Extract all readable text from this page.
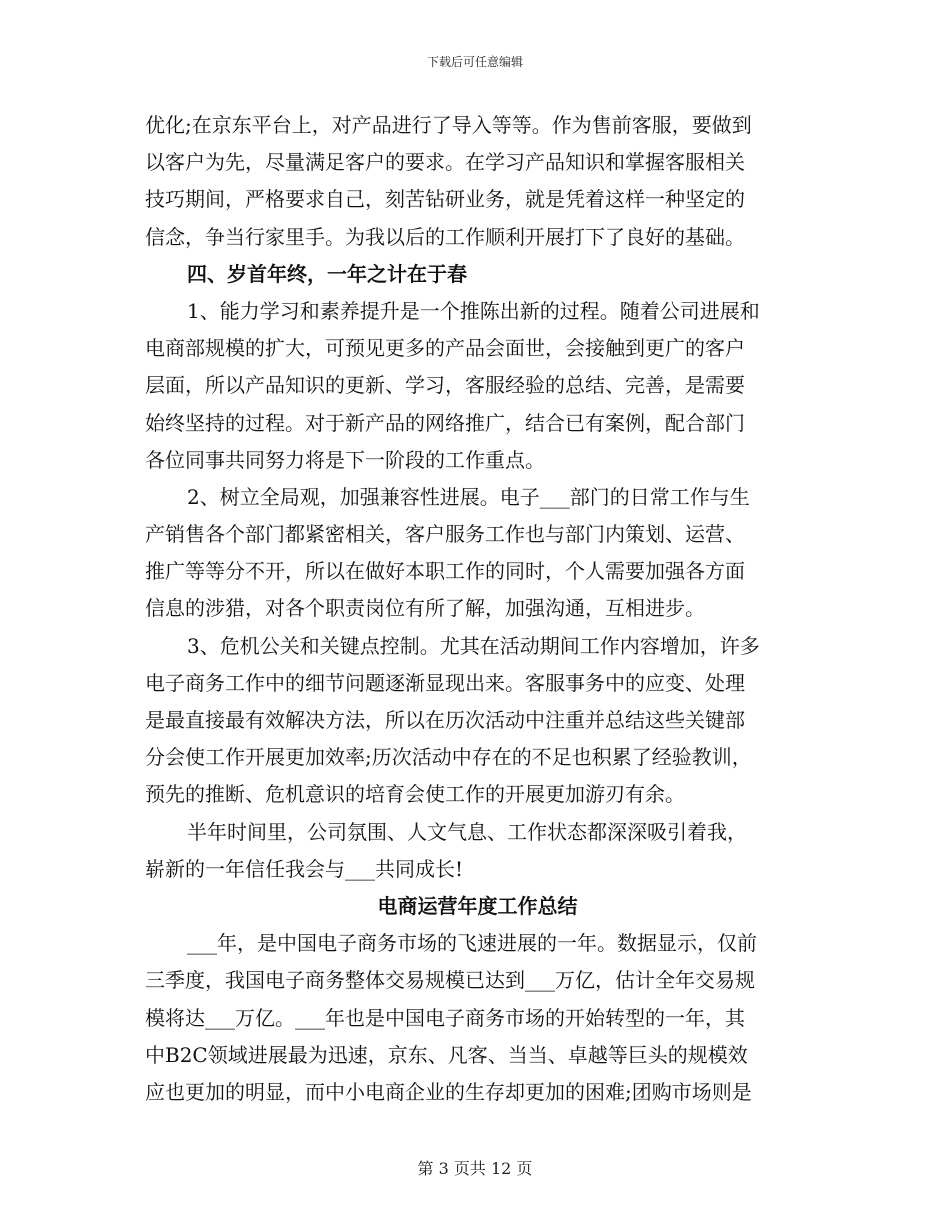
下载后可任意编辑
优化;在京东平台上，对产品进行了导入等等。作为售前客服，要做到
以客户为先，尽量满足客户的要求。在学习产品知识和掌握客服相关
技巧期间，严格要求自己，刻苦钻研业务，就是凭着这样一种坚定的
信念，争当行家里手。为我以后的工作顺利开展打下了良好的基础。
四、岁首年终，一年之计在于春
1、能力学习和素养提升是一个推陈出新的过程。随着公司进展和
电商部规模的扩大，可预见更多的产品会面世，会接触到更广的客户
层面，所以产品知识的更新、学习，客服经验的总结、完善，是需要
始终坚持的过程。对于新产品的网络推广，结合已有案例，配合部门
各位同事共同努力将是下一阶段的工作重点。
2、树立全局观，加强兼容性进展。电子___部门的日常工作与生
产销售各个部门都紧密相关，客户服务工作也与部门内策划、运营、
推广等等分不开，所以在做好本职工作的同时，个人需要加强各方面
信息的涉猎，对各个职责岗位有所了解，加强沟通，互相进步。
3、危机公关和关键点控制。尤其在活动期间工作内容增加，许多
电子商务工作中的细节问题逐渐显现出来。客服事务中的应变、处理
是最直接最有效解决方法，所以在历次活动中注重并总结这些关键部
分会使工作开展更加效率;历次活动中存在的不足也积累了经验教训，
预先的推断、危机意识的培育会使工作的开展更加游刃有余。
半年时间里，公司氛围、人文气息、工作状态都深深吸引着我，
崭新的一年信任我会与___共同成长!
电商运营年度工作总结
___年，是中国电子商务市场的飞速进展的一年。数据显示，仅前
三季度，我国电子商务整体交易规模已达到___万亿，估计全年交易规
模将达___万亿。___年也是中国电子商务市场的开始转型的一年，其
中B2C领域进展最为迅速，京东、凡客、当当、卓越等巨头的规模效
应也更加的明显，而中小电商企业的生存却更加的困难;团购市场则是
第 3 页共 12 页
